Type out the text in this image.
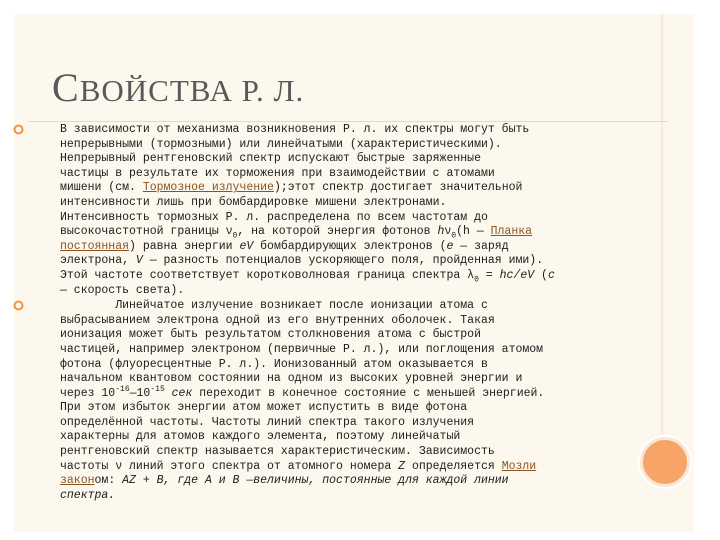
СВОЙСТВА Р. Л.
В зависимости от механизма возникновения Р. л. их спектры могут быть
непрерывными (тормозными) или линейчатыми (характеристическими).
Непрерывный рентгеновский спектр испускают быстрые заряженные
частицы в результате их торможения при взаимодействии с атомами
мишени (см. Тормозное излучение);этот спектр достигает значительной
интенсивности лишь при бомбардировке мишени электронами.
Интенсивность тормозных Р. л. распределена по всем частотам до
высокочастотной границы $\nu_0$, на которой энергия фотонов $h\nu_0(h$ — Планка
постоянная) равна энергии eV бомбардирующих электронов (e — заряд
электрона, V — разность потенциалов ускоряющего поля, пройденная ими).
Этой частоте соответствует коротковолновая граница спектра $\lambda_0 = hc/eV$ (c
— скорость света).
Линейчатое излучение возникает после ионизации атома с
выбрасыванием электрона одной из его внутренних оболочек. Такая
ионизация может быть результатом столкновения атома с быстрой
частицей, например электроном (первичные Р. л.), или поглощения атомом
фотона (флуоресцентные Р. л.). Ионизованный атом оказывается в
начальном квантовом состоянии на одном из высоких уровней энергии и
через $10^{-16}—10^{-15}$ сек переходит в конечное состояние с меньшей энергией.
При этом избыток энергии атом может испустить в виде фотона
определённой частоты. Частоты линий спектра такого излучения
характерны для атомов каждого элемента, поэтому линейчатый
рентгеновский спектр называется характеристическим. Зависимость
частоты ν линий этого спектра от атомного номера Z определяется Мозли
законом: AZ + B, где A и B —величины, постоянные для каждой линии
спектра.
